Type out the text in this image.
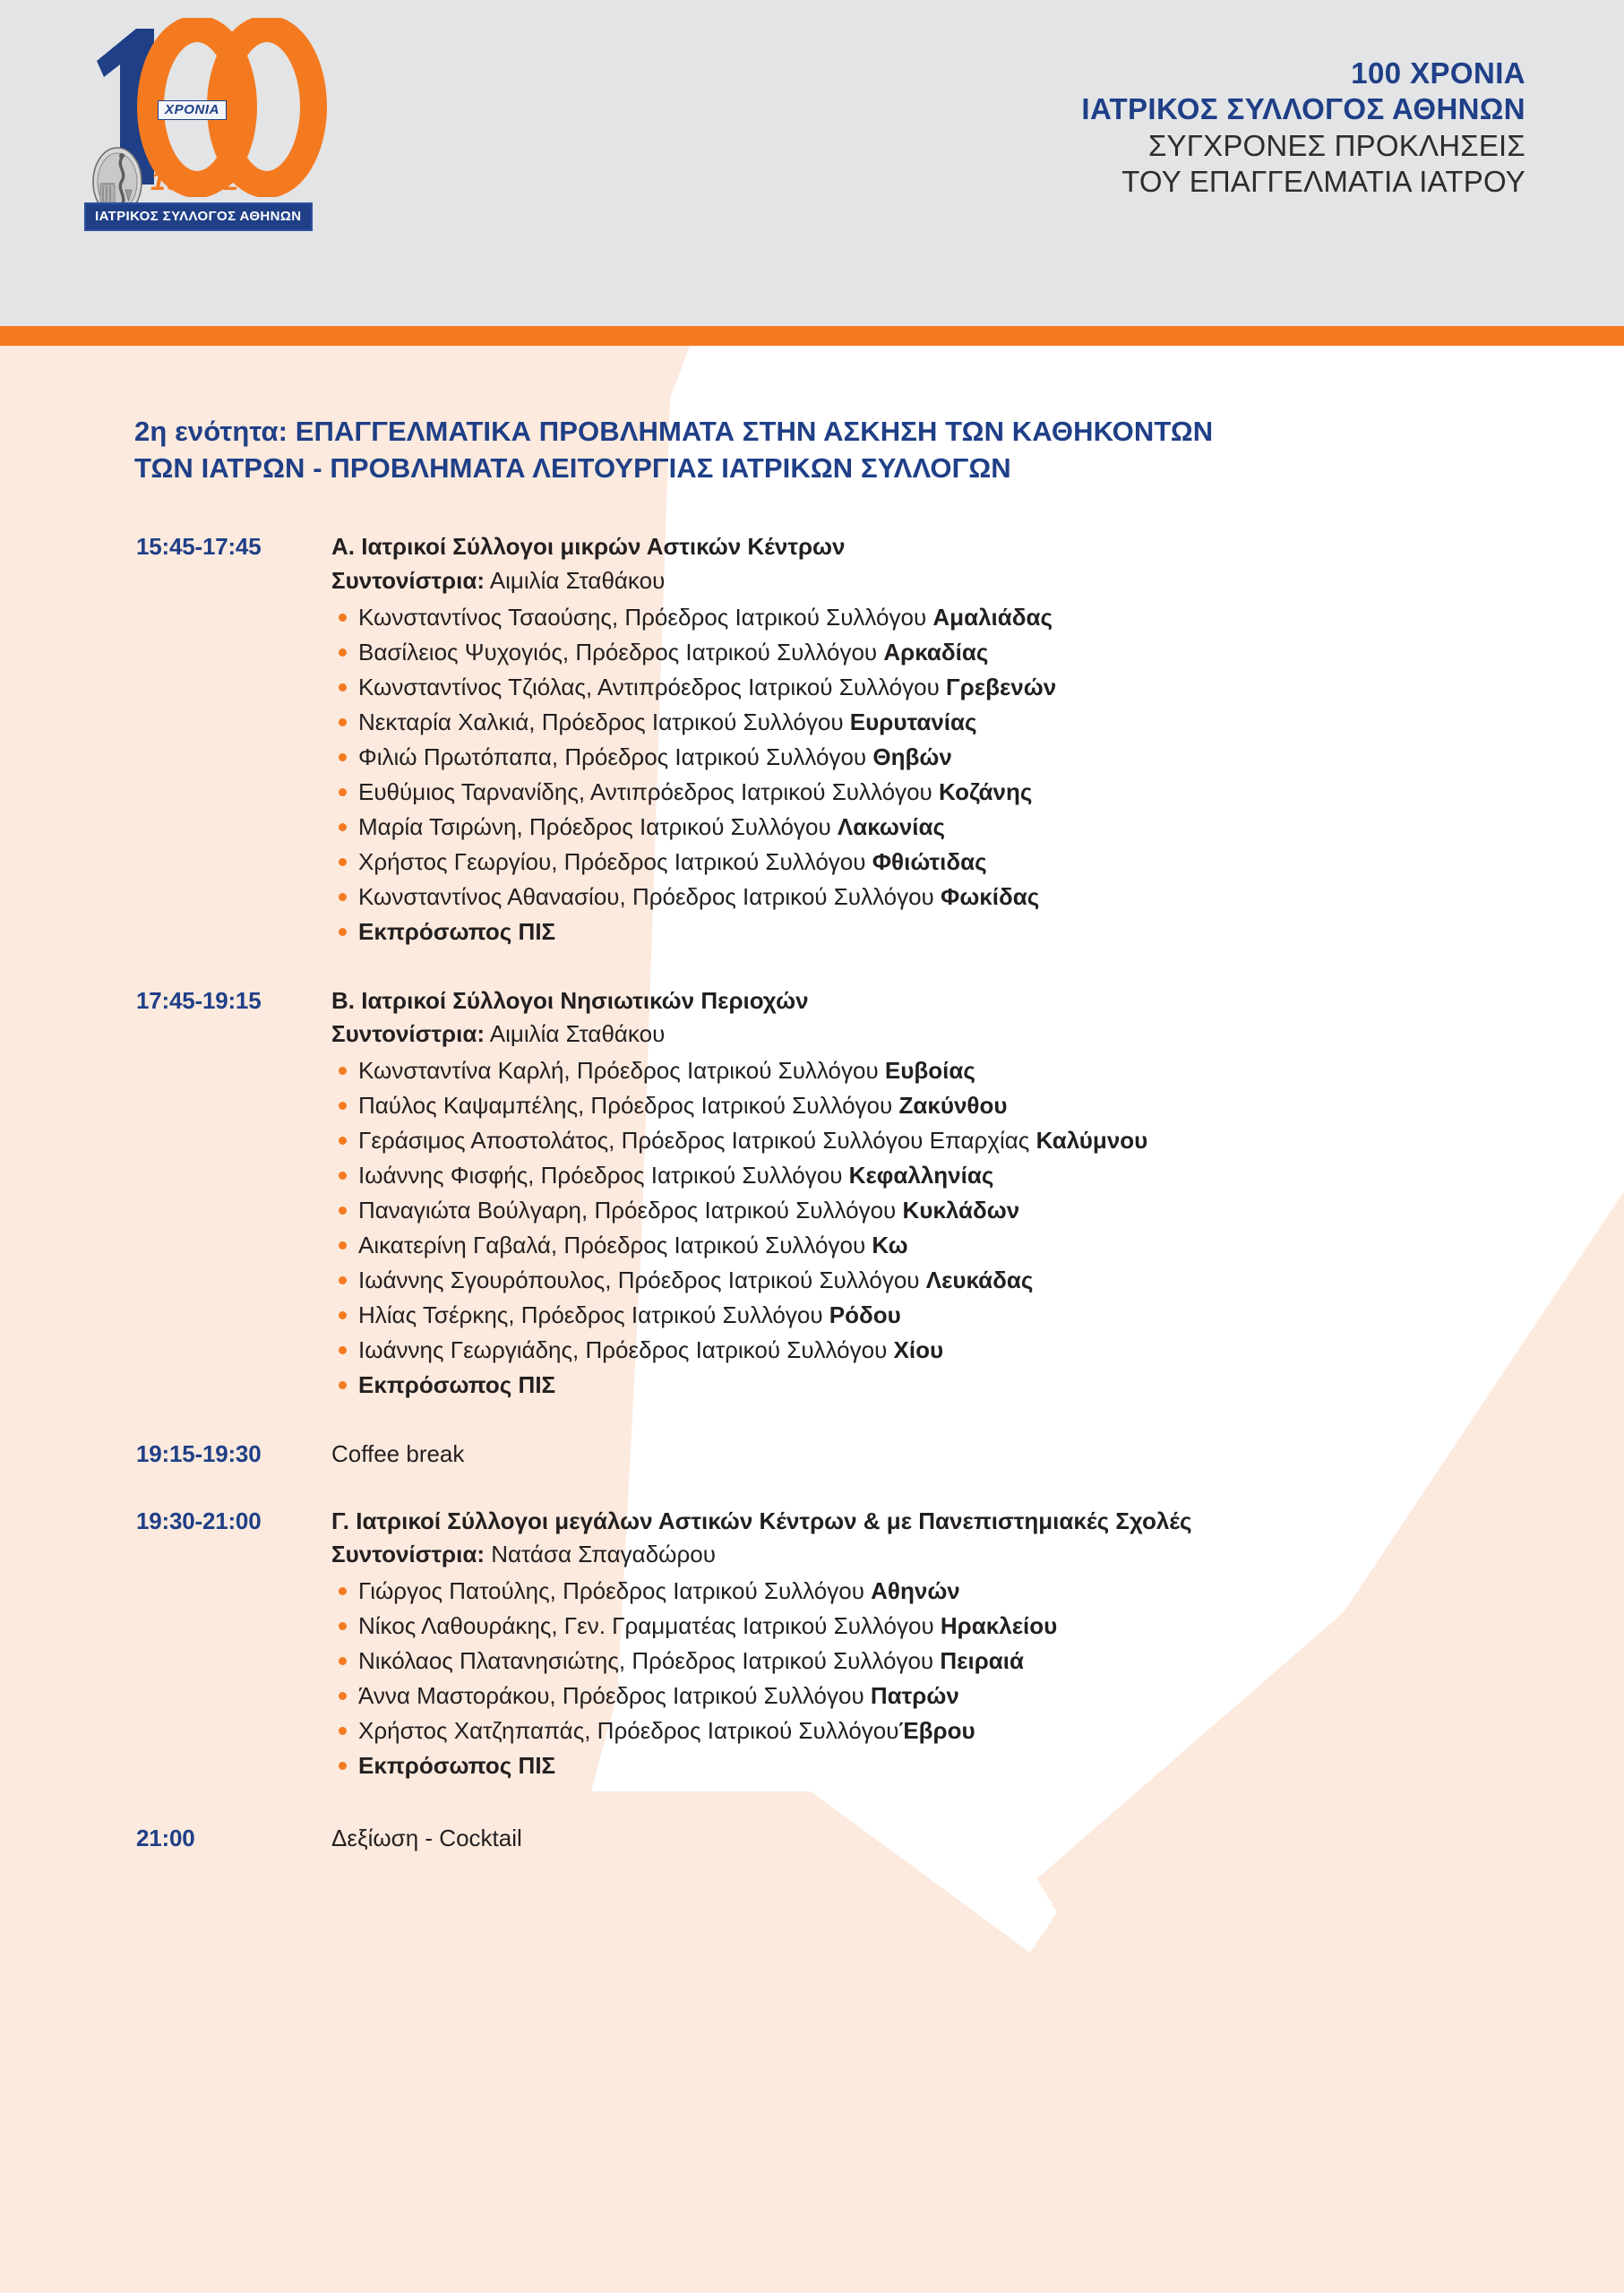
ΧΡΟΝΙΑ
1924-2024
ΙΑΤΡΙΚΟΣ ΣΥΛΛΟΓΟΣ ΑΘΗΝΩΝ
100 ΧΡΟΝΙΑ
ΙΑΤΡΙΚΟΣ ΣΥΛΛΟΓΟΣ ΑΘΗΝΩΝ
ΣΥΓΧΡΟΝΕΣ ΠΡΟΚΛΗΣΕΙΣ
ΤΟΥ ΕΠΑΓΓΕΛΜΑΤΙΑ ΙΑΤΡΟΥ
2η ενότητα: ΕΠΑΓΓΕΛΜΑΤΙΚΑ ΠΡΟΒΛΗΜΑΤΑ ΣΤΗΝ ΑΣΚΗΣΗ ΤΩΝ ΚΑΘΗΚΟΝΤΩΝ
ΤΩΝ ΙΑΤΡΩΝ - ΠΡΟΒΛΗΜΑΤΑ ΛΕΙΤΟΥΡΓΙΑΣ ΙΑΤΡΙΚΩΝ ΣΥΛΛΟΓΩΝ
15:45-17:45	Α. Ιατρικοί Σύλλογοι μικρών Αστικών Κέντρων
Συντονίστρια: Αιμιλία Σταθάκου
Κωνσταντίνος Τσαούσης, Πρόεδρος Ιατρικού Συλλόγου Αμαλιάδας
Βασίλειος Ψυχογιός, Πρόεδρος Ιατρικού Συλλόγου Αρκαδίας
Κωνσταντίνος Τζιόλας, Αντιπρόεδρος Ιατρικού Συλλόγου Γρεβενών
Νεκταρία Χαλκιά, Πρόεδρος Ιατρικού Συλλόγου Ευρυτανίας
Φιλιώ Πρωτόπαπα, Πρόεδρος Ιατρικού Συλλόγου Θηβών
Ευθύμιος Ταρνανίδης, Αντιπρόεδρος Ιατρικού Συλλόγου Κοζάνης
Μαρία Τσιρώνη, Πρόεδρος Ιατρικού Συλλόγου Λακωνίας
Χρήστος Γεωργίου, Πρόεδρος Ιατρικού Συλλόγου Φθιώτιδας
Κωνσταντίνος Αθανασίου, Πρόεδρος Ιατρικού Συλλόγου Φωκίδας
Εκπρόσωπος ΠΙΣ
17:45-19:15	Β. Ιατρικοί Σύλλογοι Νησιωτικών Περιοχών
Συντονίστρια: Αιμιλία Σταθάκου
Κωνσταντίνα Καρλή, Πρόεδρος Ιατρικού Συλλόγου Ευβοίας
Παύλος Καψαμπέλης, Πρόεδρος Ιατρικού Συλλόγου Ζακύνθου
Γεράσιμος Αποστολάτος, Πρόεδρος Ιατρικού Συλλόγου Επαρχίας Καλύμνου
Ιωάννης Φισφής, Πρόεδρος Ιατρικού Συλλόγου Κεφαλληνίας
Παναγιώτα Βούλγαρη, Πρόεδρος Ιατρικού Συλλόγου Κυκλάδων
Αικατερίνη Γαβαλά, Πρόεδρος Ιατρικού Συλλόγου Κω
Ιωάννης Σγουρόπουλος, Πρόεδρος Ιατρικού Συλλόγου Λευκάδας
Ηλίας Τσέρκης, Πρόεδρος Ιατρικού Συλλόγου Ρόδου
Ιωάννης Γεωργιάδης, Πρόεδρος Ιατρικού Συλλόγου Χίου
Εκπρόσωπος ΠΙΣ
19:15-19:30	Coffee break
19:30-21:00	Γ. Ιατρικοί Σύλλογοι μεγάλων Αστικών Κέντρων & με Πανεπιστημιακές Σχολές
Συντονίστρια: Νατάσα Σπαγαδώρου
Γιώργος Πατούλης, Πρόεδρος Ιατρικού Συλλόγου Αθηνών
Νίκος Λαθουράκης, Γεν. Γραμματέας Ιατρικού Συλλόγου Ηρακλείου
Νικόλαος Πλατανησιώτης, Πρόεδρος Ιατρικού Συλλόγου Πειραιά
Άννα Μαστοράκου, Πρόεδρος Ιατρικού Συλλόγου Πατρών
Χρήστος Χατζηπαπάς, Πρόεδρος Ιατρικού ΣυλλόγουΈβρου
Εκπρόσωπος ΠΙΣ
21:00	Δεξίωση - Cocktail
